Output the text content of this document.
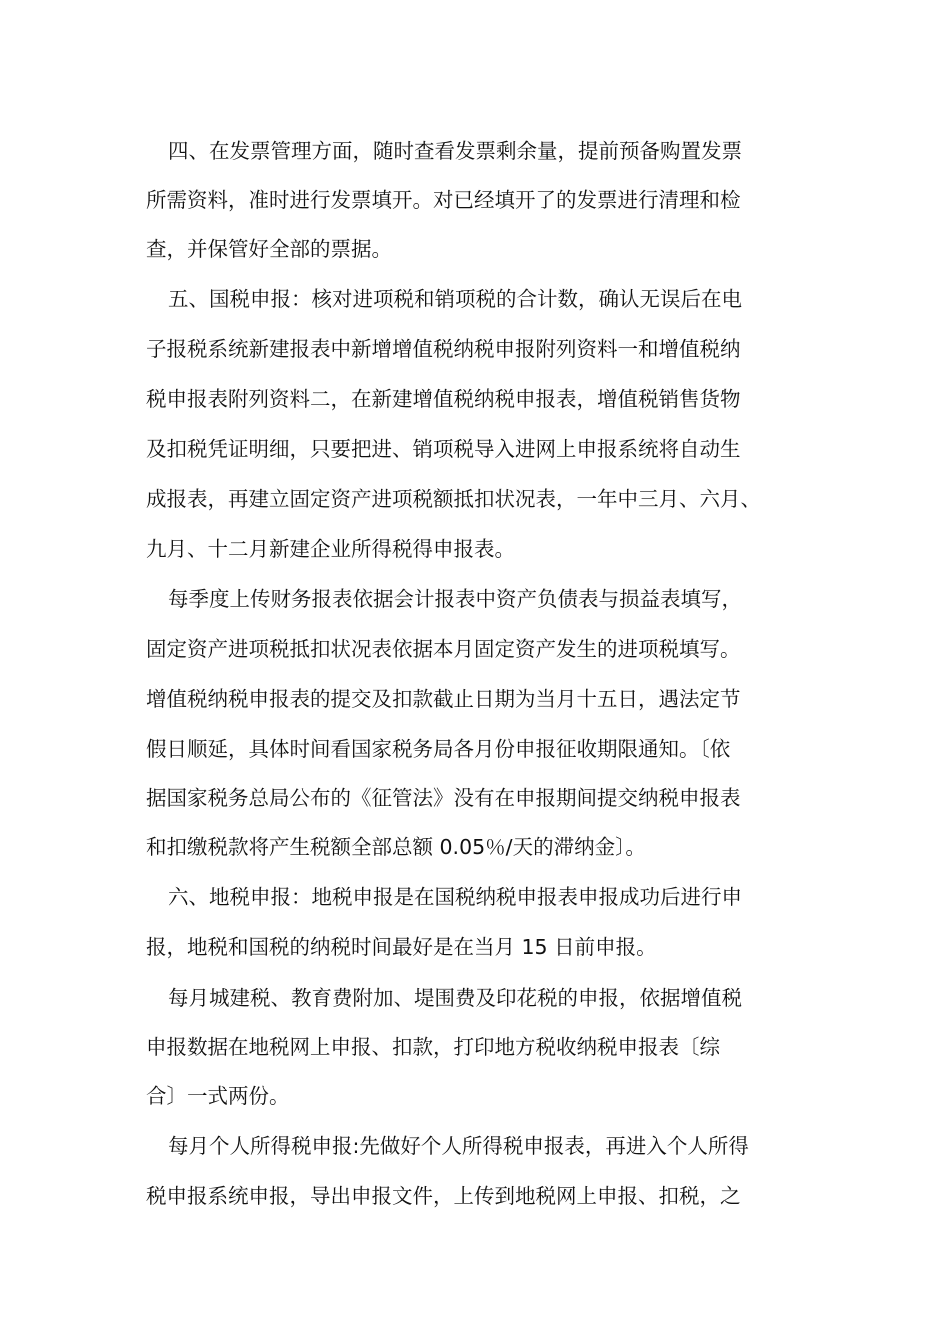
四、在发票管理方面，随时查看发票剩余量，提前预备购置发票

所需资料，准时进行发票填开。对已经填开了的发票进行清理和检

查，并保管好全部的票据。

五、国税申报：核对进项税和销项税的合计数，确认无误后在电

子报税系统新建报表中新增增值税纳税申报附列资料一和增值税纳

税申报表附列资料二，在新建增值税纳税申报表，增值税销售货物

及扣税凭证明细，只要把进、销项税导入进网上申报系统将自动生

成报表，再建立固定资产进项税额抵扣状况表，一年中三月、六月、

九月、十二月新建企业所得税得申报表。

每季度上传财务报表依据会计报表中资产负债表与损益表填写，

固定资产进项税抵扣状况表依据本月固定资产发生的进项税填写。

增值税纳税申报表的提交及扣款截止日期为当月十五日，遇法定节

假日顺延，具体时间看国家税务局各月份申报征收期限通知。〔依

据国家税务总局公布的《征管法》没有在申报期间提交纳税申报表

和扣缴税款将产生税额全部总额 0.05％/天的滞纳金〕。

六、地税申报：地税申报是在国税纳税申报表申报成功后进行申

报，地税和国税的纳税时间最好是在当月 15 日前申报。

每月城建税、教育费附加、堤围费及印花税的申报，依据增值税

申报数据在地税网上申报、扣款，打印地方税收纳税申报表〔综

合〕一式两份。

每月个人所得税申报:先做好个人所得税申报表，再进入个人所得

税申报系统申报，导出申报文件，上传到地税网上申报、扣税，之
